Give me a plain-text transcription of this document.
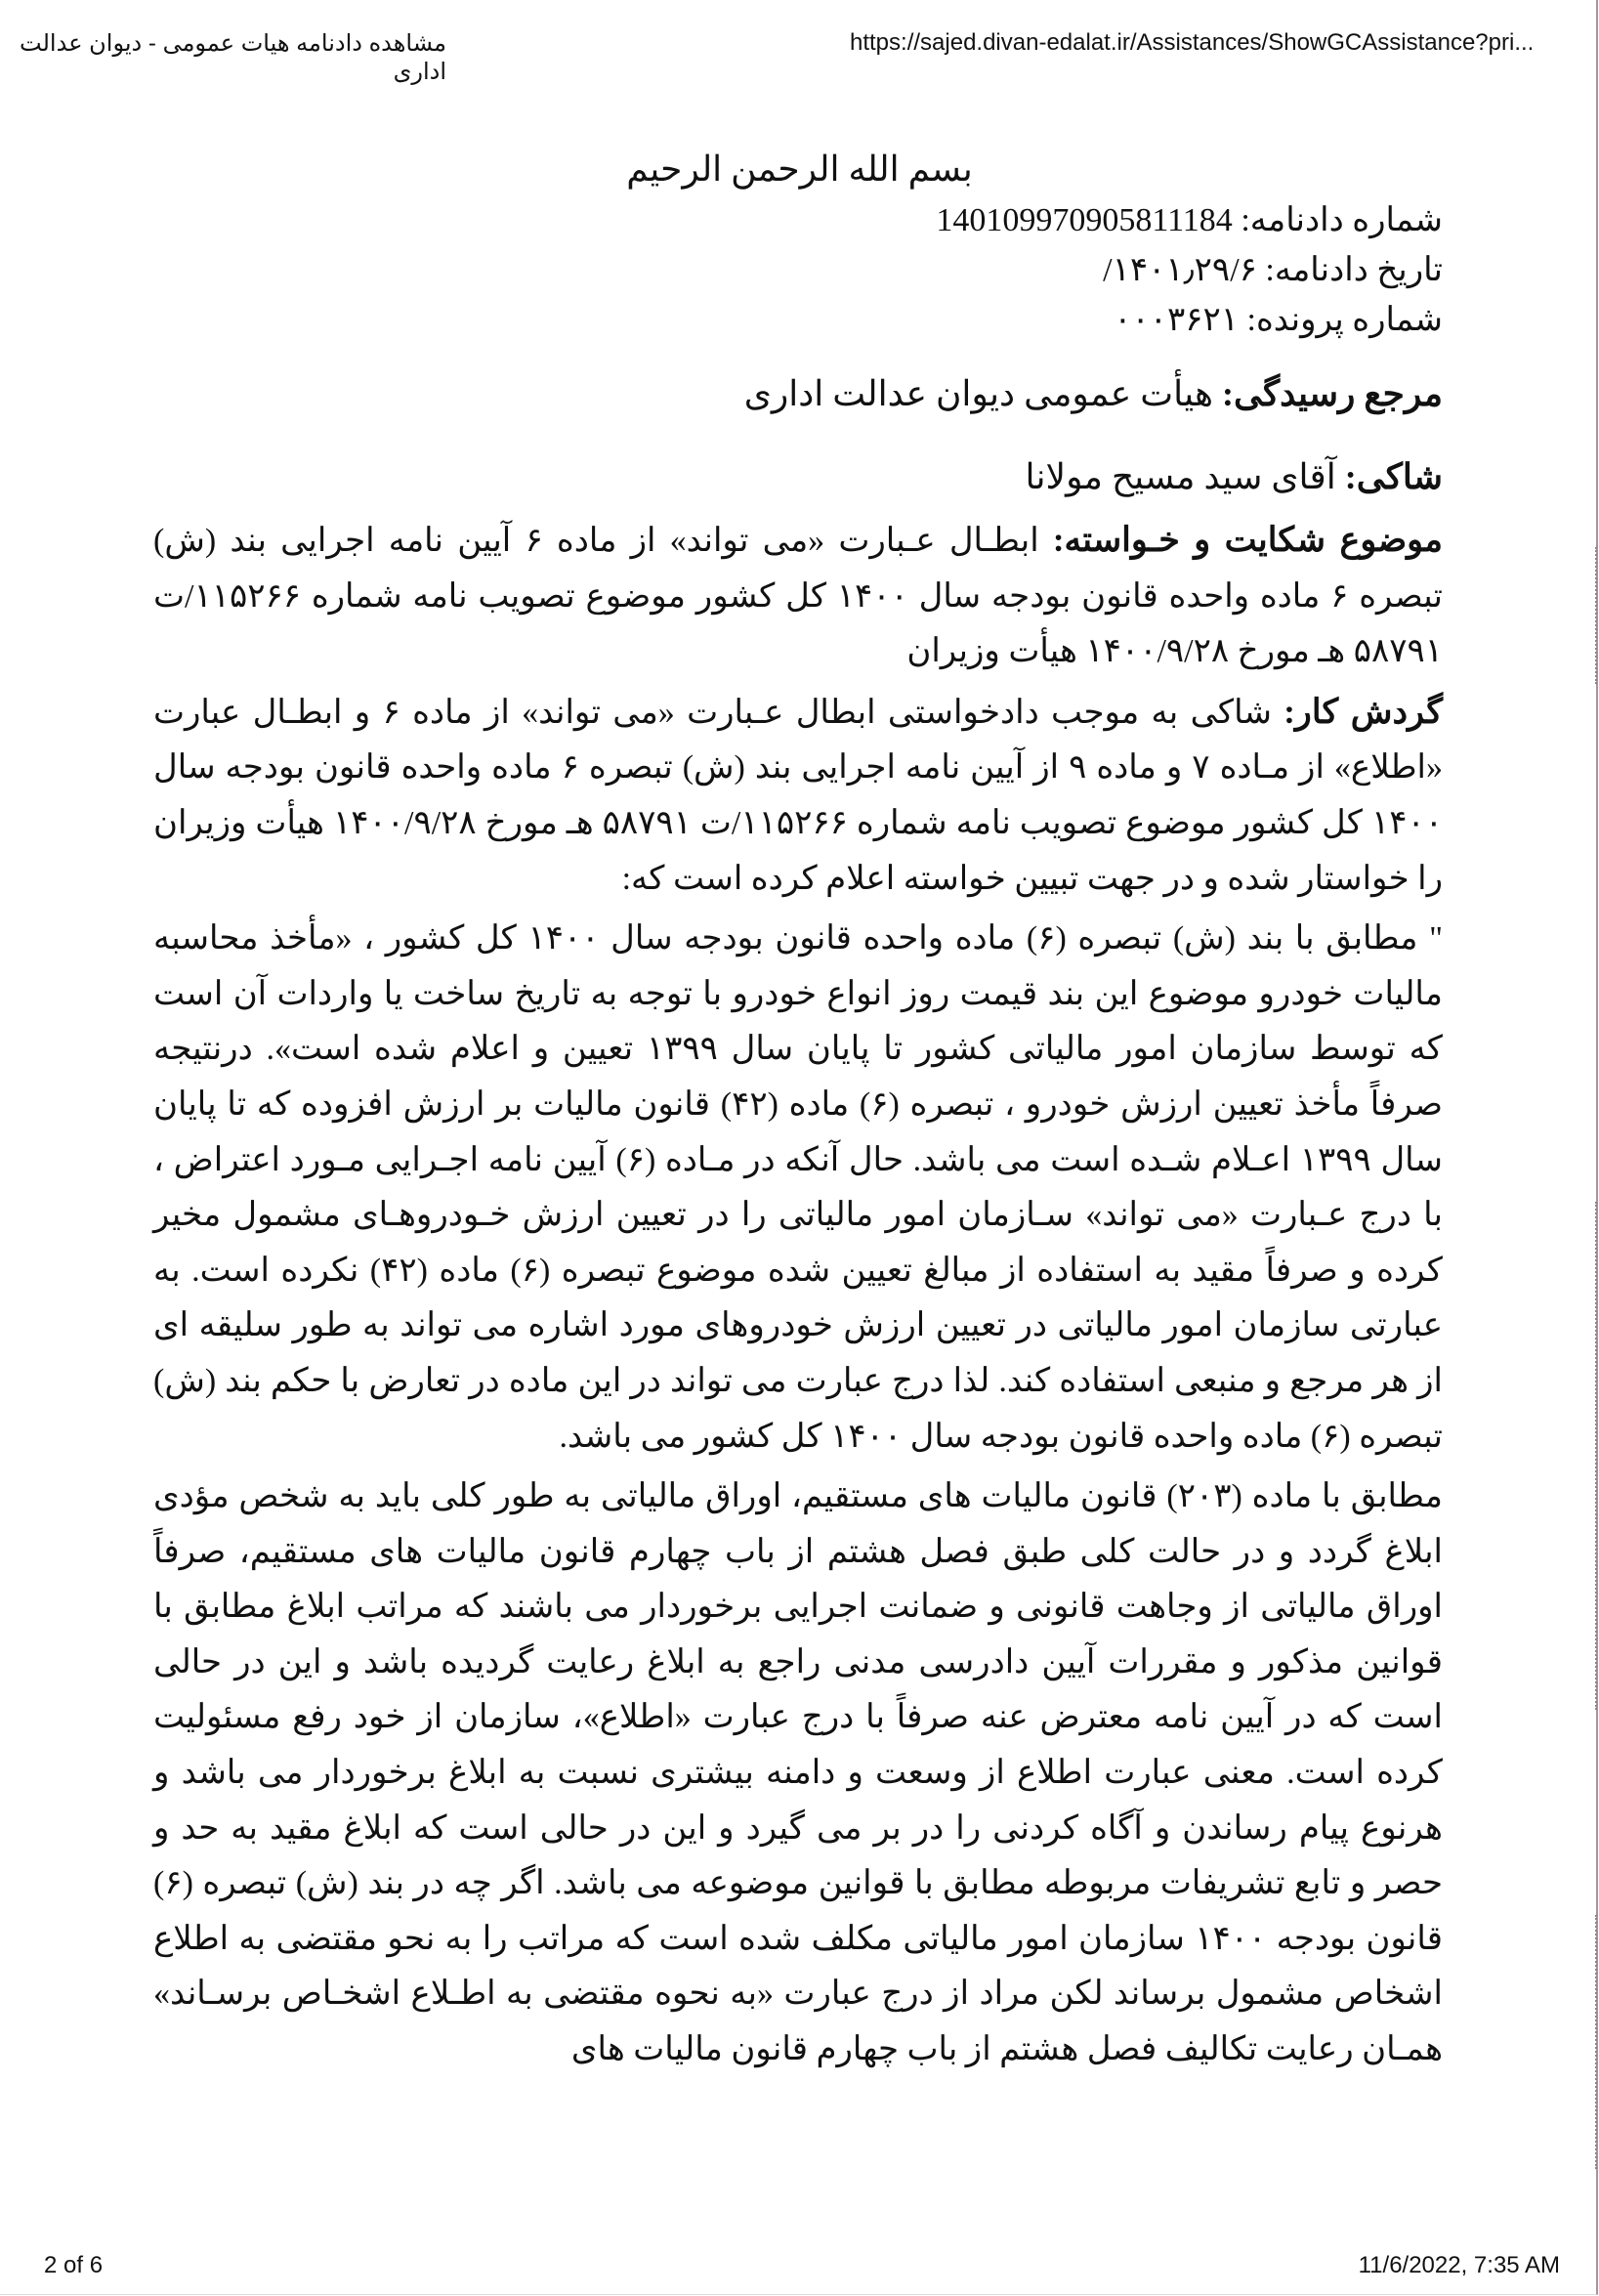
مشاهده دادنامه هیات عمومی - دیوان عدالت اداری
https://sajed.divan-edalat.ir/Assistances/ShowGCAssistance?pri...
بسم الله الرحمن الرحیم
شماره دادنامه: 140109970905811184
تاریخ دادنامه: ۱۴۰۱٫۲۹/۶/
شماره پرونده: ۰۰۰۳۶۲۱
مرجع رسیدگی: هیأت عمومی دیوان عدالت اداری
شاکی: آقای سید مسیح مولانا

موضوع شکایت و خـواسته: ابطـال عـبارت «می تواند» از ماده ۶ آیین نامه اجرایی بند (ش) تبصره ۶ ماده واحده قانون بودجه سال ۱۴۰۰ کل کشور موضوع تصویب نامه شماره ۱۱۵۲۶۶/ت ۵۸۷۹۱ هـ مورخ ۱۴۰۰/۹/۲۸ هیأت وزیران

گردش کار: شاکی به موجب دادخواستی ابطال عـبارت «می تواند» از ماده ۶ و ابطـال عبارت «اطلاع» از مـاده ۷ و ماده ۹ از آیین نامه اجرایی بند (ش) تبصره ۶ ماده واحده قانون بودجه سال ۱۴۰۰ کل کشور موضوع تصویب نامه شماره ۱۱۵۲۶۶/ت ۵۸۷۹۱ هـ مورخ ۱۴۰۰/۹/۲۸ هیأت وزیران را خواستار شده و در جهت تبیین خواسته اعلام کرده است که:

" مطابق با بند (ش) تبصره (۶) ماده واحده قانون بودجه سال ۱۴۰۰ کل کشور ، «مأخذ محاسبه مالیات خودرو موضوع این بند قیمت روز انواع خودرو با توجه به تاریخ ساخت یا واردات آن است که توسط سازمان امور مالیاتی کشور تا پایان سال ۱۳۹۹ تعیین و اعلام شده است». درنتیجه صرفاً مأخذ تعیین ارزش خودرو ، تبصره (۶) ماده (۴۲) قانون مالیات بر ارزش افزوده که تا پایان سال ۱۳۹۹ اعـلام شـده است می باشد. حال آنکه در مـاده (۶) آیین نامه اجـرایی مـورد اعتراض ، با درج عـبارت «می تواند» سـازمان امور مالیاتی را در تعیین ارزش خـودروهـای مشمول مخیر کرده و صرفاً مقید به استفاده از مبالغ تعیین شده موضوع تبصره (۶) ماده (۴۲) نکرده است. به عبارتی سازمان امور مالیاتی در تعیین ارزش خودروهای مورد اشاره می تواند به طور سلیقه ای از هر مرجع و منبعی استفاده کند. لذا درج عبارت می تواند در این ماده در تعارض با حکم بند (ش) تبصره (۶) ماده واحده قانون بودجه سال ۱۴۰۰ کل کشور می باشد.

مطابق با ماده (۲۰۳) قانون مالیات های مستقیم، اوراق مالیاتی به طور کلی باید به شخص مؤدی ابلاغ گردد و در حالت کلی طبق فصل هشتم از باب چهارم قانون مالیات های مستقیم، صرفاً اوراق مالیاتی از وجاهت قانونی و ضمانت اجرایی برخوردار می باشند که مراتب ابلاغ مطابق با قوانین مذکور و مقررات آیین دادرسی مدنی راجع به ابلاغ رعایت گردیده باشد و این در حالی است که در آیین نامه معترض عنه صرفاً با درج عبارت «اطلاع»، سازمان از خود رفع مسئولیت کرده است. معنی عبارت اطلاع از وسعت و دامنه بیشتری نسبت به ابلاغ برخوردار می باشد و هرنوع پیام رساندن و آگاه کردنی را در بر می گیرد و این در حالی است که ابلاغ مقید به حد و حصر و تابع تشریفات مربوطه مطابق با قوانین موضوعه می باشد. اگر چه در بند (ش) تبصره (۶) قانون بودجه ۱۴۰۰ سازمان امور مالیاتی مکلف شده است که مراتب را به نحو مقتضی به اطلاع اشخاص مشمول برساند لکن مراد از درج عبارت «به نحوه مقتضی به اطـلاع اشخـاص برسـاند» همـان رعایت تکالیف فصل هشتم از باب چهارم قانون مالیات های

2 of 6	11/6/2022, 7:35 AM
